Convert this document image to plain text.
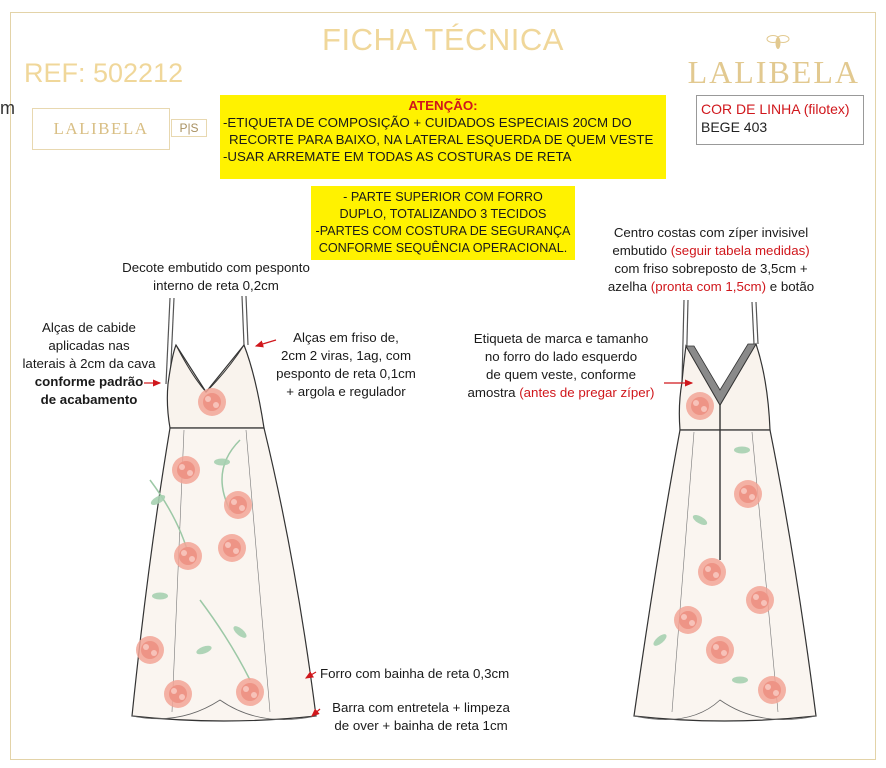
FICHA TÉCNICA
REF: 502212	LALIBELA
m
LALIBELA	P|S
ATENÇÃO:
-ETIQUETA DE COMPOSIÇÃO + CUIDADOS ESPECIAIS 20CM DO
RECORTE PARA BAIXO, NA LATERAL ESQUERDA DE QUEM VESTE
-USAR ARREMATE EM TODAS AS COSTURAS DE RETA
COR DE LINHA (filotex)
BEGE 403
- PARTE SUPERIOR COM FORRO
DUPLO, TOTALIZANDO 3 TECIDOS
-PARTES COM COSTURA DE SEGURANÇA
CONFORME SEQUÊNCIA OPERACIONAL.
Decote embutido com pesponto
interno de reta 0,2cm
Alças de cabide
aplicadas nas
laterais à 2cm da cava
conforme padrão
de acabamento
Alças em friso de,
2cm 2 viras, 1ag, com
pesponto de reta 0,1cm
+ argola e regulador
Forro com bainha de reta 0,3cm
Barra com entretela + limpeza
de over + bainha de reta 1cm
Centro costas com zíper invisivel
embutido (seguir tabela medidas)
com friso sobreposto de 3,5cm +
azelha (pronta com 1,5cm) e botão
Etiqueta de marca e tamanho
no forro do lado esquerdo
de quem veste, conforme
amostra (antes de pregar zíper)
